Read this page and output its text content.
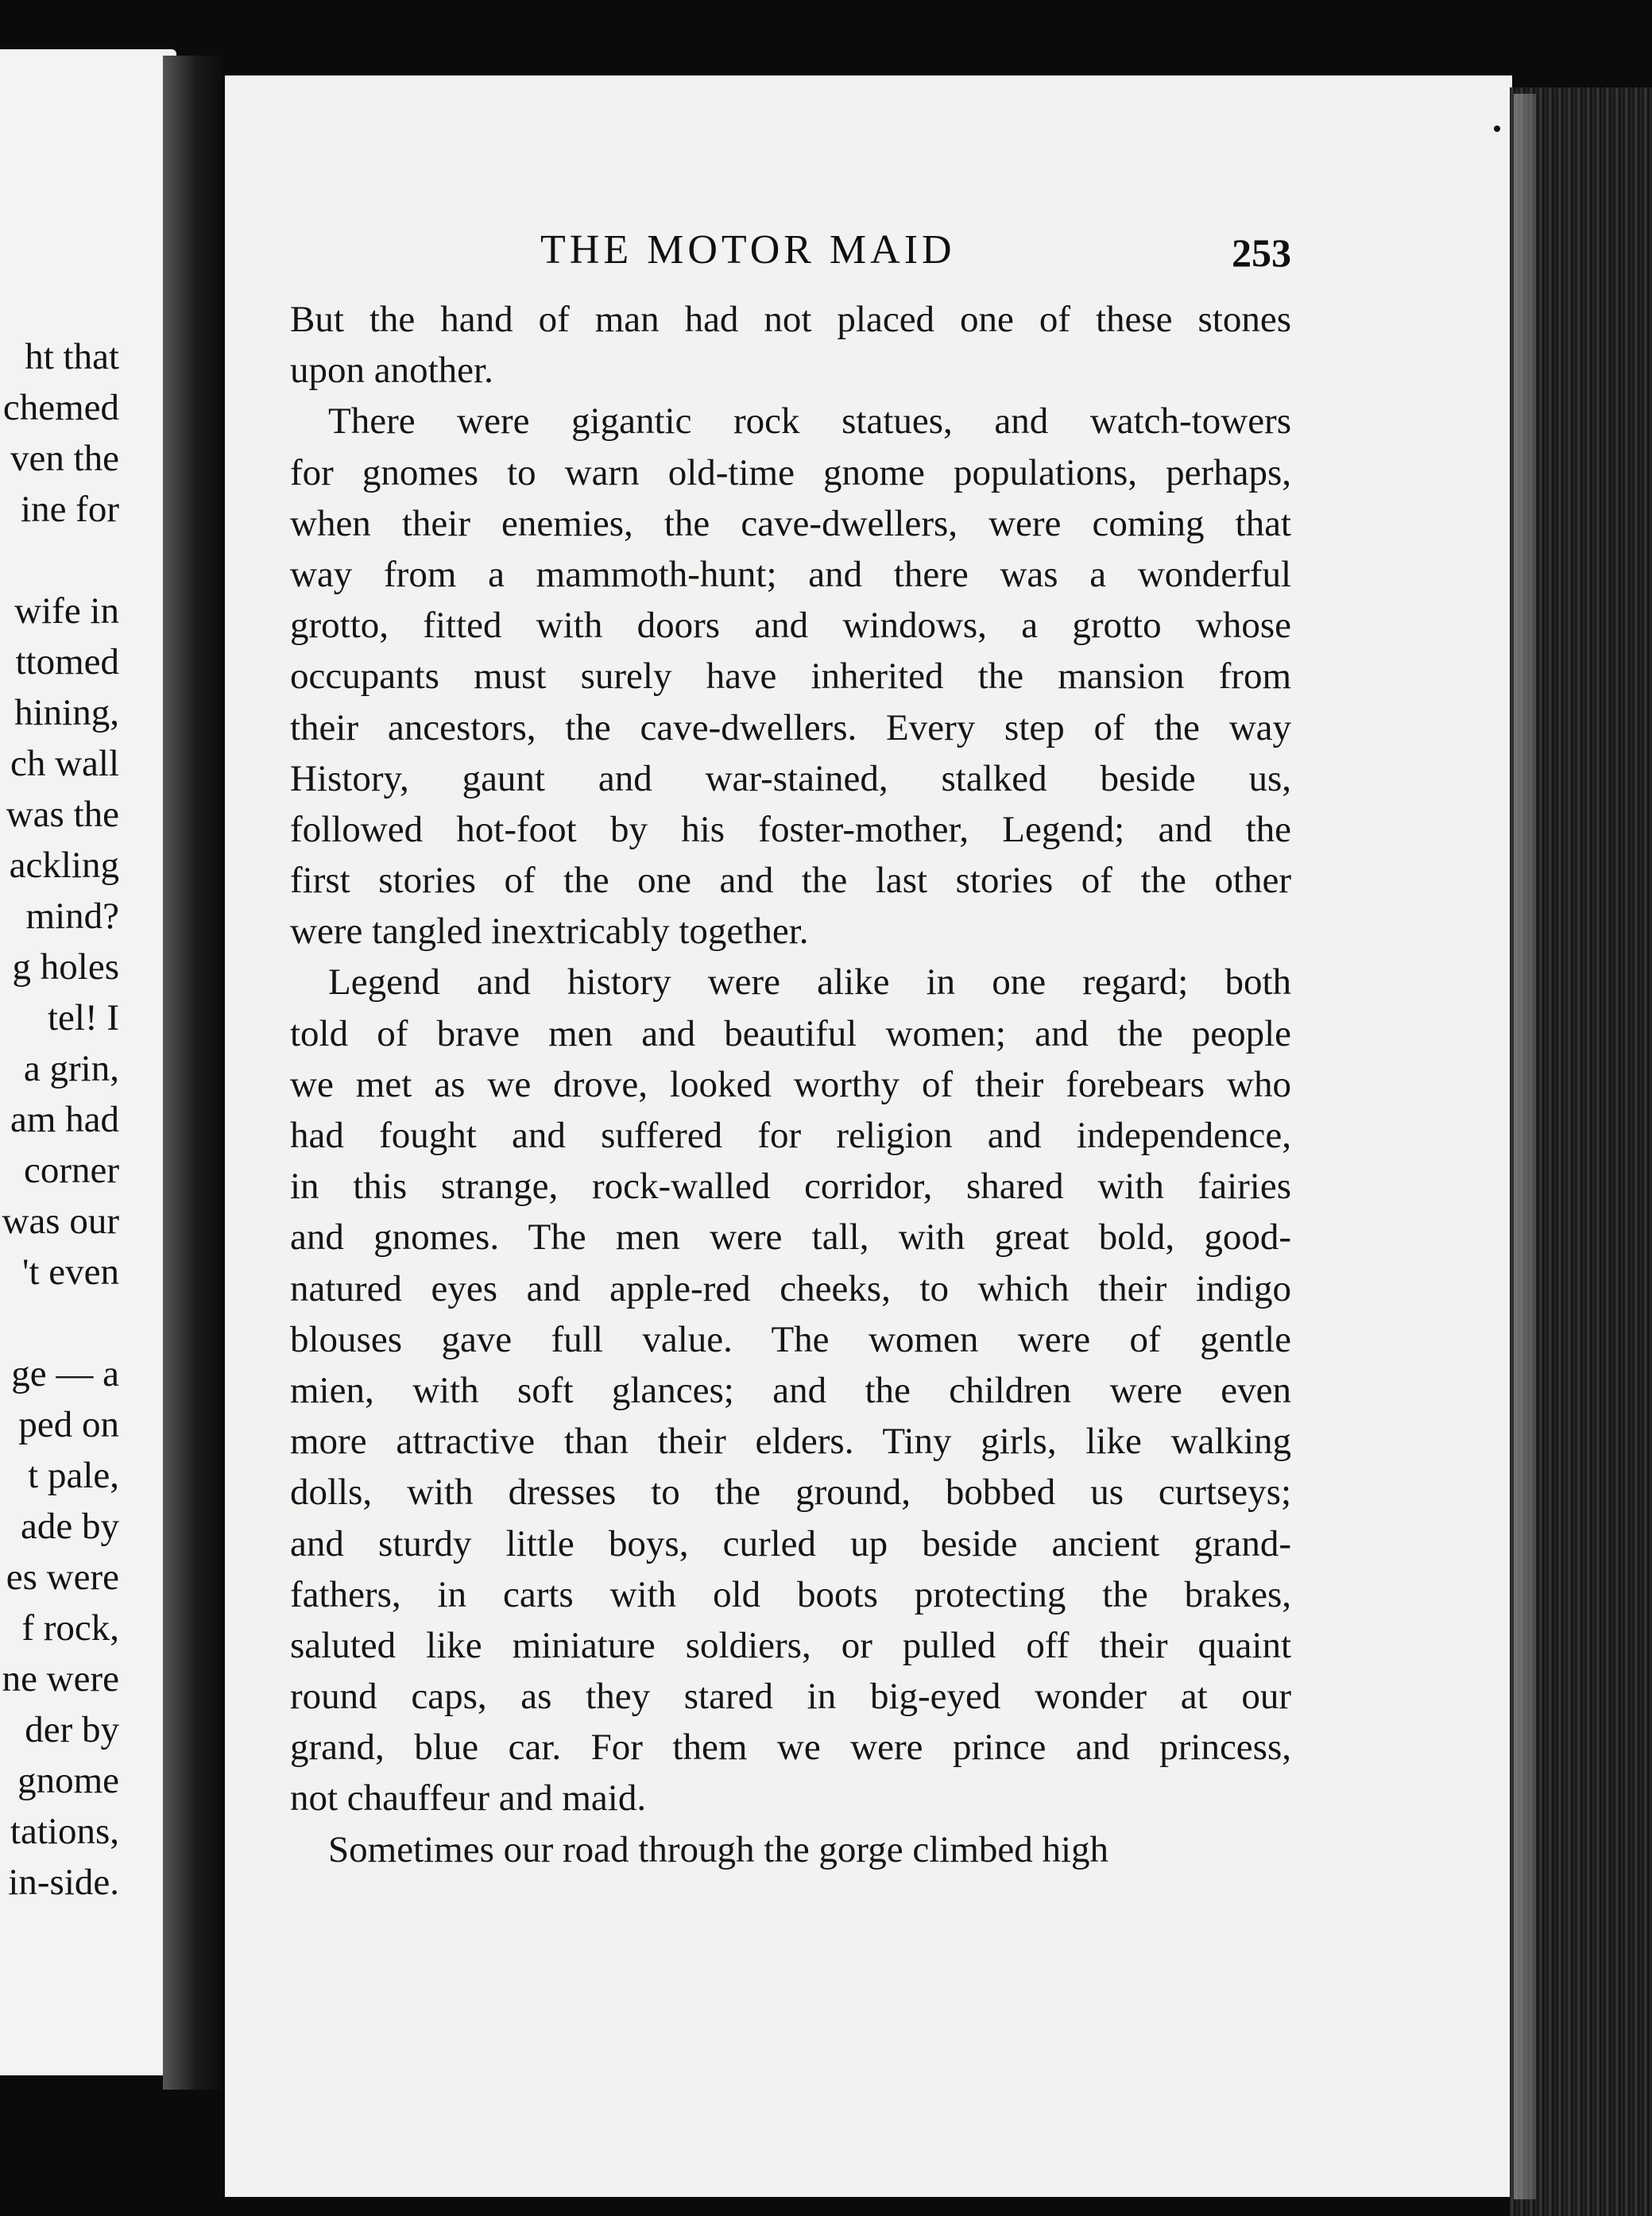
ht that
chemed
ven the
ine for
wife in
ttomed
hining,
ch wall
was the
ackling
mind?
g holes
tel! I
a grin,
am had
corner
was our
't even
ge — a
ped on
t pale,
ade by
es were
f rock,
ne were
der by
gnome
tations,
in-side.
THE MOTOR MAID	253
But the hand of man had not placed one of these stones
upon another.
There were gigantic rock statues, and watch-towers
for gnomes to warn old-time gnome populations, perhaps,
when their enemies, the cave-dwellers, were coming that
way from a mammoth-hunt; and there was a wonderful
grotto, fitted with doors and windows, a grotto whose
occupants must surely have inherited the mansion from
their ancestors, the cave-dwellers. Every step of the way
History, gaunt and war-stained, stalked beside us,
followed hot-foot by his foster-mother, Legend; and the
first stories of the one and the last stories of the other
were tangled inextricably together.
Legend and history were alike in one regard; both
told of brave men and beautiful women; and the people
we met as we drove, looked worthy of their forebears who
had fought and suffered for religion and independence,
in this strange, rock-walled corridor, shared with fairies
and gnomes. The men were tall, with great bold, good-
natured eyes and apple-red cheeks, to which their indigo
blouses gave full value. The women were of gentle
mien, with soft glances; and the children were even
more attractive than their elders. Tiny girls, like walking
dolls, with dresses to the ground, bobbed us curtseys;
and sturdy little boys, curled up beside ancient grand-
fathers, in carts with old boots protecting the brakes,
saluted like miniature soldiers, or pulled off their quaint
round caps, as they stared in big-eyed wonder at our
grand, blue car. For them we were prince and princess,
not chauffeur and maid.
Sometimes our road through the gorge climbed high
